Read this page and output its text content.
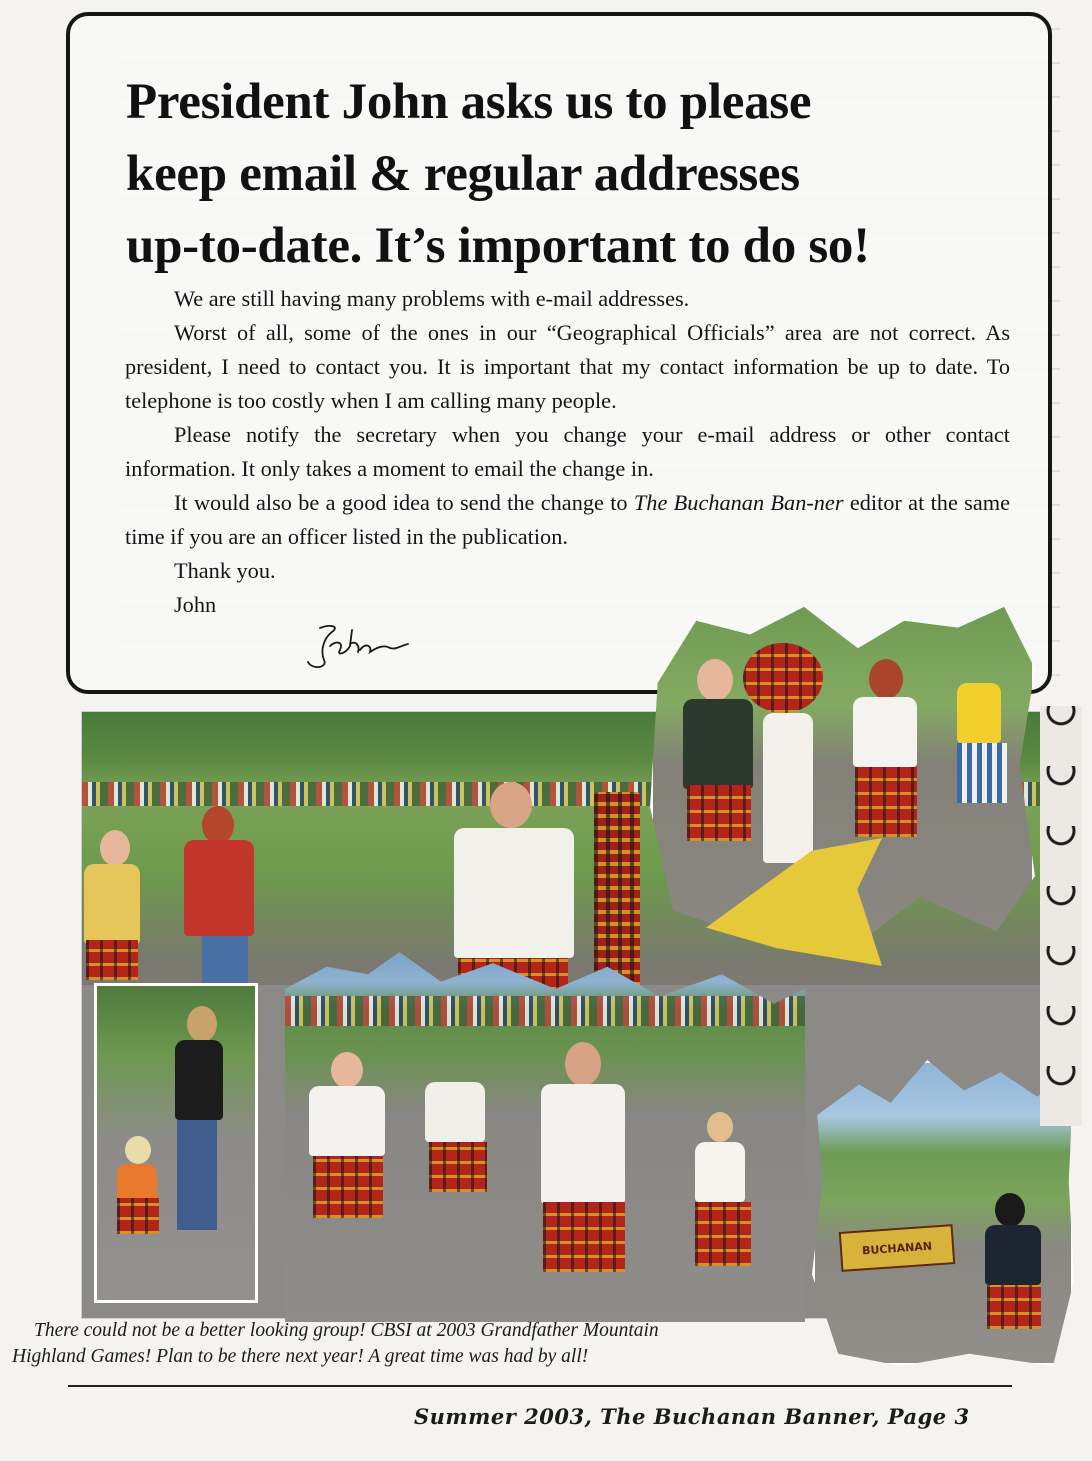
President John asks us to please
keep email & regular addresses
up-to-date. It’s important to do so!

We are still having many problems with e-mail addresses.

Worst of all, some of the ones in our “Geographical Officials” area are not correct. As president, I need to contact you. It is important that my contact information be up to date. To telephone is too costly when I am calling many people.

Please notify the secretary when you change your e-mail address or other contact information. It only takes a moment to email the change in.

It would also be a good idea to send the change to The Buchanan Ban-ner editor at the same time if you are an officer listed in the publication.

Thank you.

John

BUCHANAN

There could not be a better looking group! CBSI at 2003 Grandfather Mountain
Highland Games! Plan to be there next year! A great time was had by all!

Summer 2003, The Buchanan Banner, Page 3
